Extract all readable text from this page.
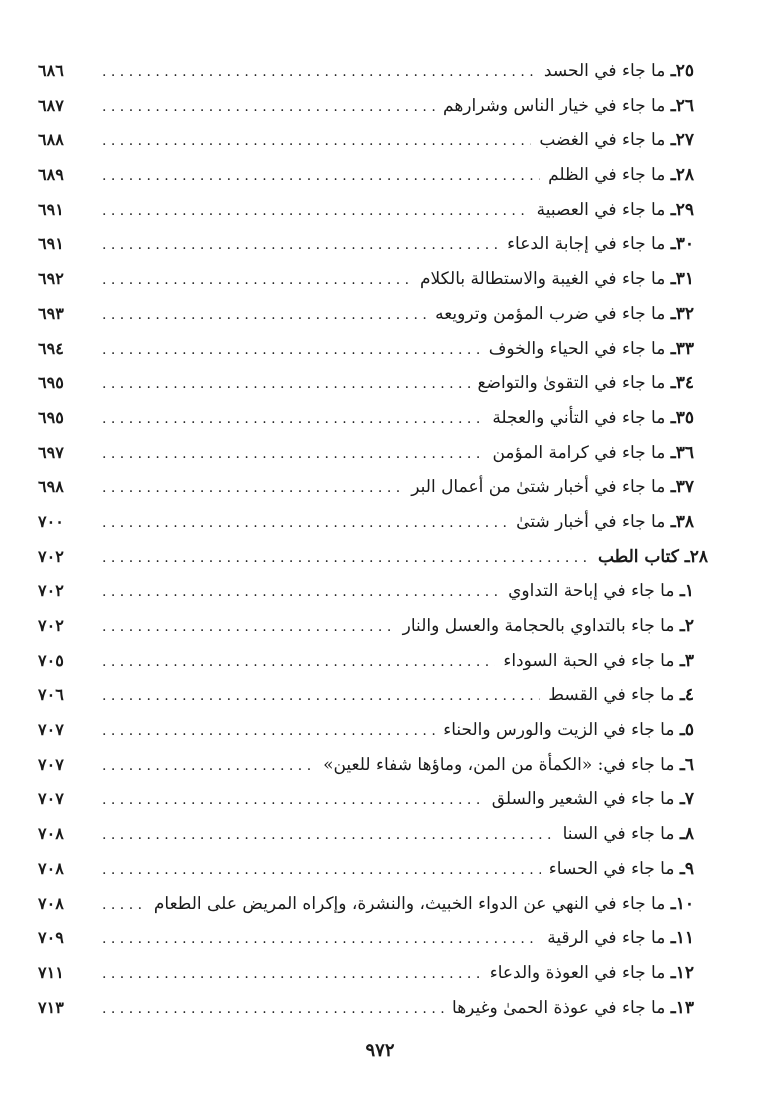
٢٥ـ ما جاء في الحسد
. . .
٦٨٦
٢٦ـ ما جاء في خيار الناس وشرارهم
. . .
٦٨٧
٢٧ـ ما جاء في الغضب
. . .
٦٨٨
٢٨ـ ما جاء في الظلم
. . .
٦٨٩
٢٩ـ ما جاء في العصبية
. . .
٦٩١
٣٠ـ ما جاء في إجابة الدعاء
. . .
٦٩١
٣١ـ ما جاء في الغيبة والاستطالة بالكلام
. . .
٦٩٢
٣٢ـ ما جاء في ضرب المؤمن وترويعه
. . .
٦٩٣
٣٣ـ ما جاء في الحياء والخوف
. . .
٦٩٤
٣٤ـ ما جاء في التقوىٰ والتواضع
. . .
٦٩٥
٣٥ـ ما جاء في التأني والعجلة
. . .
٦٩٥
٣٦ـ ما جاء في كرامة المؤمن
. . .
٦٩٧
٣٧ـ ما جاء في أخبار شتىٰ من أعمال البر
. . .
٦٩٨
٣٨ـ ما جاء في أخبار شتىٰ
. . .
٧٠٠
٢٨ـ كتاب الطب
. . .
٧٠٢
١ـ ما جاء في إباحة التداوي
. . .
٧٠٢
٢ـ ما جاء بالتداوي بالحجامة والعسل والنار
. . .
٧٠٢
٣ـ ما جاء في الحبة السوداء
. . .
٧٠٥
٤ـ ما جاء في القسط
. . .
٧٠٦
٥ـ ما جاء في الزيت والورس والحناء
. . .
٧٠٧
٦ـ ما جاء في: «الكمأة من المن، وماؤها شفاء للعين»
. . .
٧٠٧
٧ـ ما جاء في الشعير والسلق
. . .
٧٠٧
٨ـ ما جاء في السنا
. . .
٧٠٨
٩ـ ما جاء في الحساء
. . .
٧٠٨
١٠ـ ما جاء في النهي عن الدواء الخبيث، والنشرة، وإكراه المريض على الطعام
. . .
٧٠٨
١١ـ ما جاء في الرقية
. . .
٧٠٩
١٢ـ ما جاء في العوذة والدعاء
. . .
٧١١
١٣ـ ما جاء في عوذة الحمىٰ وغيرها
. . .
٧١٣
٩٧٢
